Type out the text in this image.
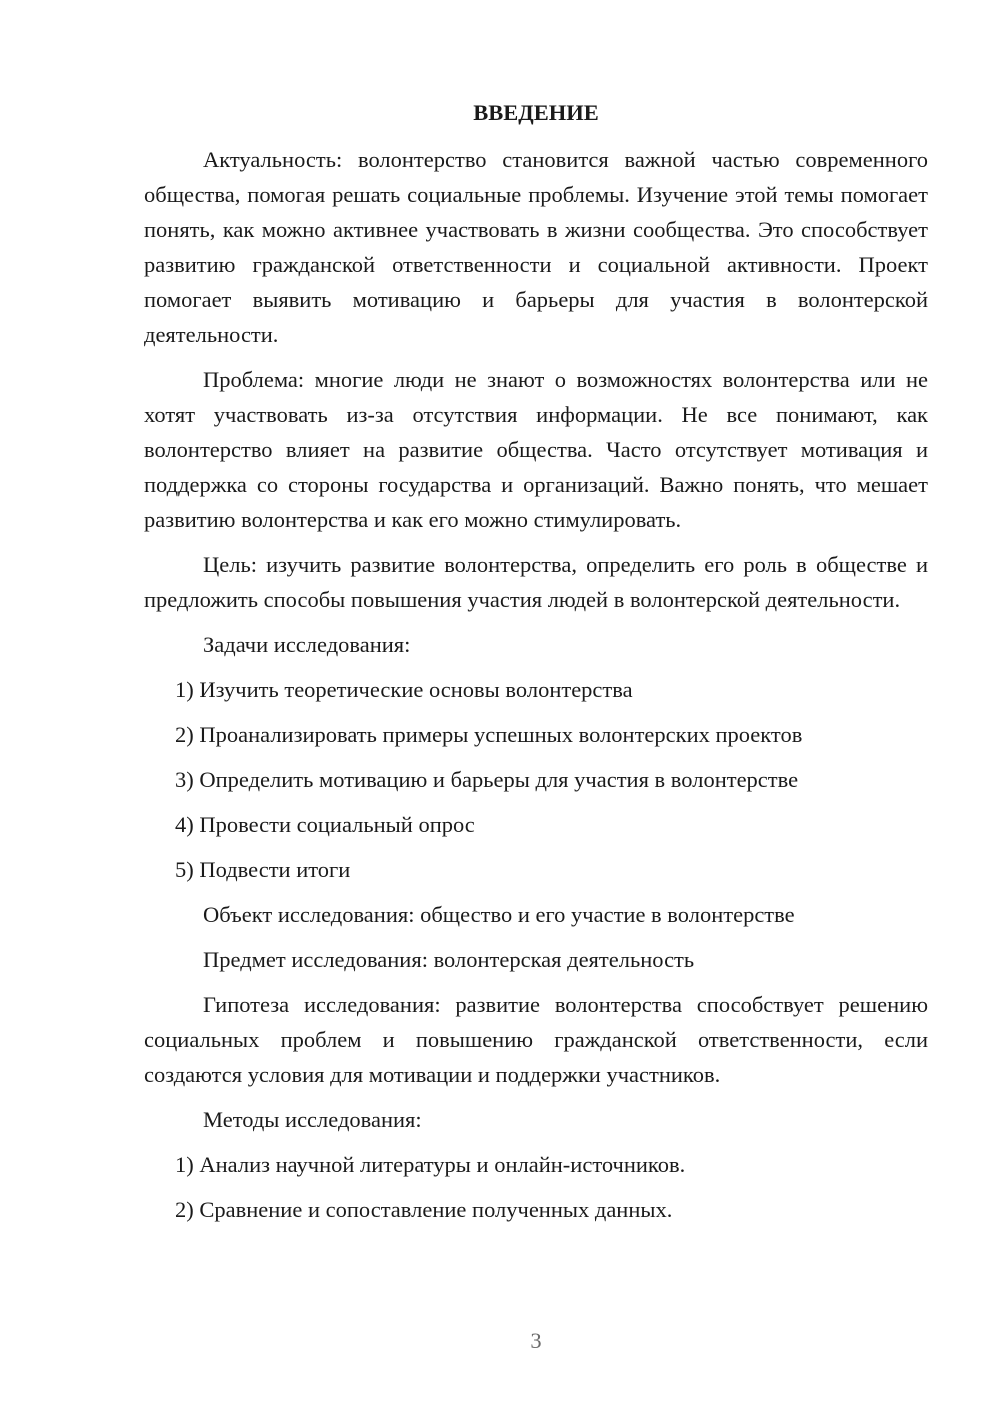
ВВЕДЕНИЕ

Актуальность: волонтерство становится важной частью современного общества, помогая решать социальные проблемы. Изучение этой темы помогает понять, как можно активнее участвовать в жизни сообщества. Это способствует развитию гражданской ответственности и социальной активности. Проект помогает выявить мотивацию и барьеры для участия в волонтерской деятельности.

Проблема: многие люди не знают о возможностях волонтерства или не хотят участвовать из-за отсутствия информации. Не все понимают, как волонтерство влияет на развитие общества. Часто отсутствует мотивация и поддержка со стороны государства и организаций. Важно понять, что мешает развитию волонтерства и как его можно стимулировать.

Цель: изучить развитие волонтерства, определить его роль в обществе и предложить способы повышения участия людей в волонтерской деятельности.

Задачи исследования:
1) Изучить теоретические основы волонтерства
2) Проанализировать примеры успешных волонтерских проектов
3) Определить мотивацию и барьеры для участия в волонтерстве
4) Провести социальный опрос
5) Подвести итоги
Объект исследования: общество и его участие в волонтерстве
Предмет исследования: волонтерская деятельность

Гипотеза исследования: развитие волонтерства способствует решению социальных проблем и повышению гражданской ответственности, если создаются условия для мотивации и поддержки участников.

Методы исследования:
1) Анализ научной литературы и онлайн-источников.
2) Сравнение и сопоставление полученных данных.
3
